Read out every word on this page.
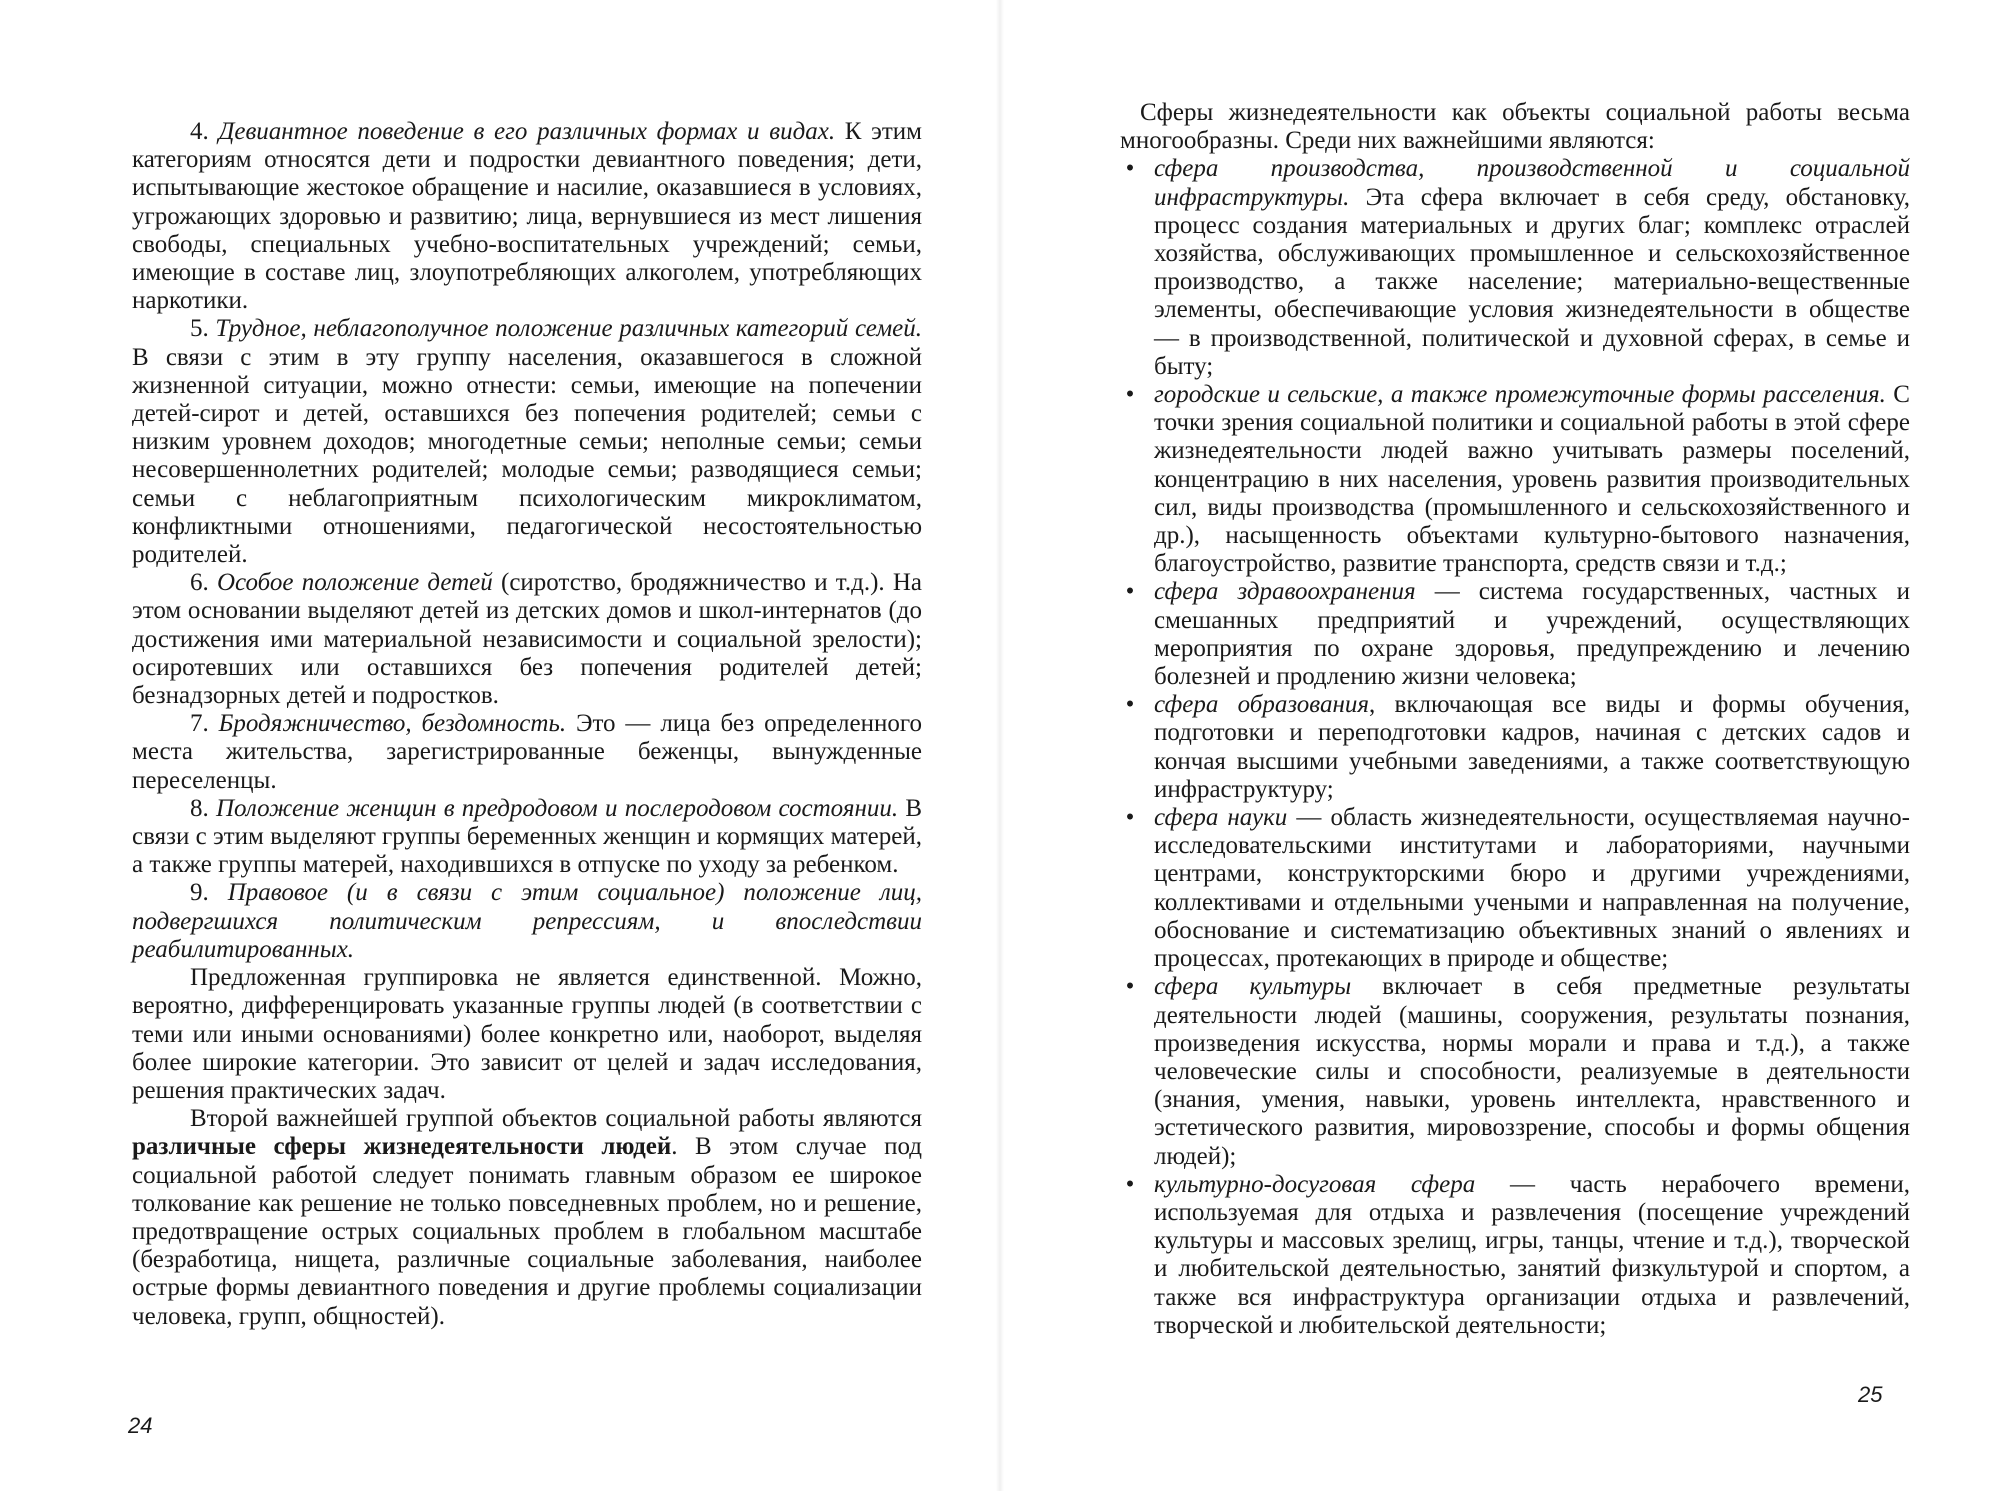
4. Девиантное поведение в его различных формах и видах. К этим категориям относятся дети и подростки девиантного поведения; дети, испытывающие жестокое обращение и насилие, оказавшиеся в условиях, угрожающих здоровью и развитию; лица, вернувшиеся из мест лишения свободы, специальных учебно-воспитательных учреждений; семьи, имеющие в составе лиц, злоупотребляющих алкоголем, употребляющих наркотики.

5. Трудное, неблагополучное положение различных категорий семей. В связи с этим в эту группу населения, оказавшегося в сложной жизненной ситуации, можно отнести: семьи, имеющие на попечении детей-сирот и детей, оставшихся без попечения родителей; семьи с низким уровнем доходов; многодетные семьи; неполные семьи; семьи несовершеннолетних родителей; молодые семьи; разводящиеся семьи; семьи с неблагоприятным психологическим микроклиматом, конфликтными отношениями, педагогической несостоятельностью родителей.

6. Особое положение детей (сиротство, бродяжничество и т.д.). На этом основании выделяют детей из детских домов и школ-интернатов (до достижения ими материальной независимости и социальной зрелости); осиротевших или оставшихся без попечения родителей детей; безнадзорных детей и подростков.

7. Бродяжничество, бездомность. Это — лица без определенного места жительства, зарегистрированные беженцы, вынужденные переселенцы.

8. Положение женщин в предродовом и послеродовом состоянии. В связи с этим выделяют группы беременных женщин и кормящих матерей, а также группы матерей, находившихся в отпуске по уходу за ребенком.

9. Правовое (и в связи с этим социальное) положение лиц, подвергшихся политическим репрессиям, и впоследствии реабилитированных.

Предложенная группировка не является единственной. Можно, вероятно, дифференцировать указанные группы людей (в соответствии с теми или иными основаниями) более конкретно или, наоборот, выделяя более широкие категории. Это зависит от целей и задач исследования, решения практических задач.

Второй важнейшей группой объектов социальной работы являются различные сферы жизнедеятельности людей. В этом случае под социальной работой следует понимать главным образом ее широкое толкование как решение не только повседневных проблем, но и решение, предотвращение острых социальных проблем в глобальном масштабе (безработица, нищета, различные социальные заболевания, наиболее острые формы девиантного поведения и другие проблемы социализации человека, групп, общностей).

24

Сферы жизнедеятельности как объекты социальной работы весьма многообразны. Среди них важнейшими являются:

• сфера производства, производственной и социальной инфраструктуры. Эта сфера включает в себя среду, обстановку, процесс создания материальных и других благ; комплекс отраслей хозяйства, обслуживающих промышленное и сельскохозяйственное производство, а также население; материально-вещественные элементы, обеспечивающие условия жизнедеятельности в обществе — в производственной, политической и духовной сферах, в семье и быту;
• городские и сельские, а также промежуточные формы расселения. С точки зрения социальной политики и социальной работы в этой сфере жизнедеятельности людей важно учитывать размеры поселений, концентрацию в них населения, уровень развития производительных сил, виды производства (промышленного и сельскохозяйственного и др.), насыщенность объектами культурно-бытового назначения, благоустройство, развитие транспорта, средств связи и т.д.;
• сфера здравоохранения — система государственных, частных и смешанных предприятий и учреждений, осуществляющих мероприятия по охране здоровья, предупреждению и лечению болезней и продлению жизни человека;
• сфера образования, включающая все виды и формы обучения, подготовки и переподготовки кадров, начиная с детских садов и кончая высшими учебными заведениями, а также соответствующую инфраструктуру;
• сфера науки — область жизнедеятельности, осуществляемая научно-исследовательскими институтами и лабораториями, научными центрами, конструкторскими бюро и другими учреждениями, коллективами и отдельными учеными и направленная на получение, обоснование и систематизацию объективных знаний о явлениях и процессах, протекающих в природе и обществе;
• сфера культуры включает в себя предметные результаты деятельности людей (машины, сооружения, результаты познания, произведения искусства, нормы морали и права и т.д.), а также человеческие силы и способности, реализуемые в деятельности (знания, умения, навыки, уровень интеллекта, нравственного и эстетического развития, мировоззрение, способы и формы общения людей);
• культурно-досуговая сфера — часть нерабочего времени, используемая для отдыха и развлечения (посещение учреждений культуры и массовых зрелищ, игры, танцы, чтение и т.д.), творческой и любительской деятельностью, занятий физкультурой и спортом, а также вся инфраструктура организации отдыха и развлечений, творческой и любительской деятельности;
25
